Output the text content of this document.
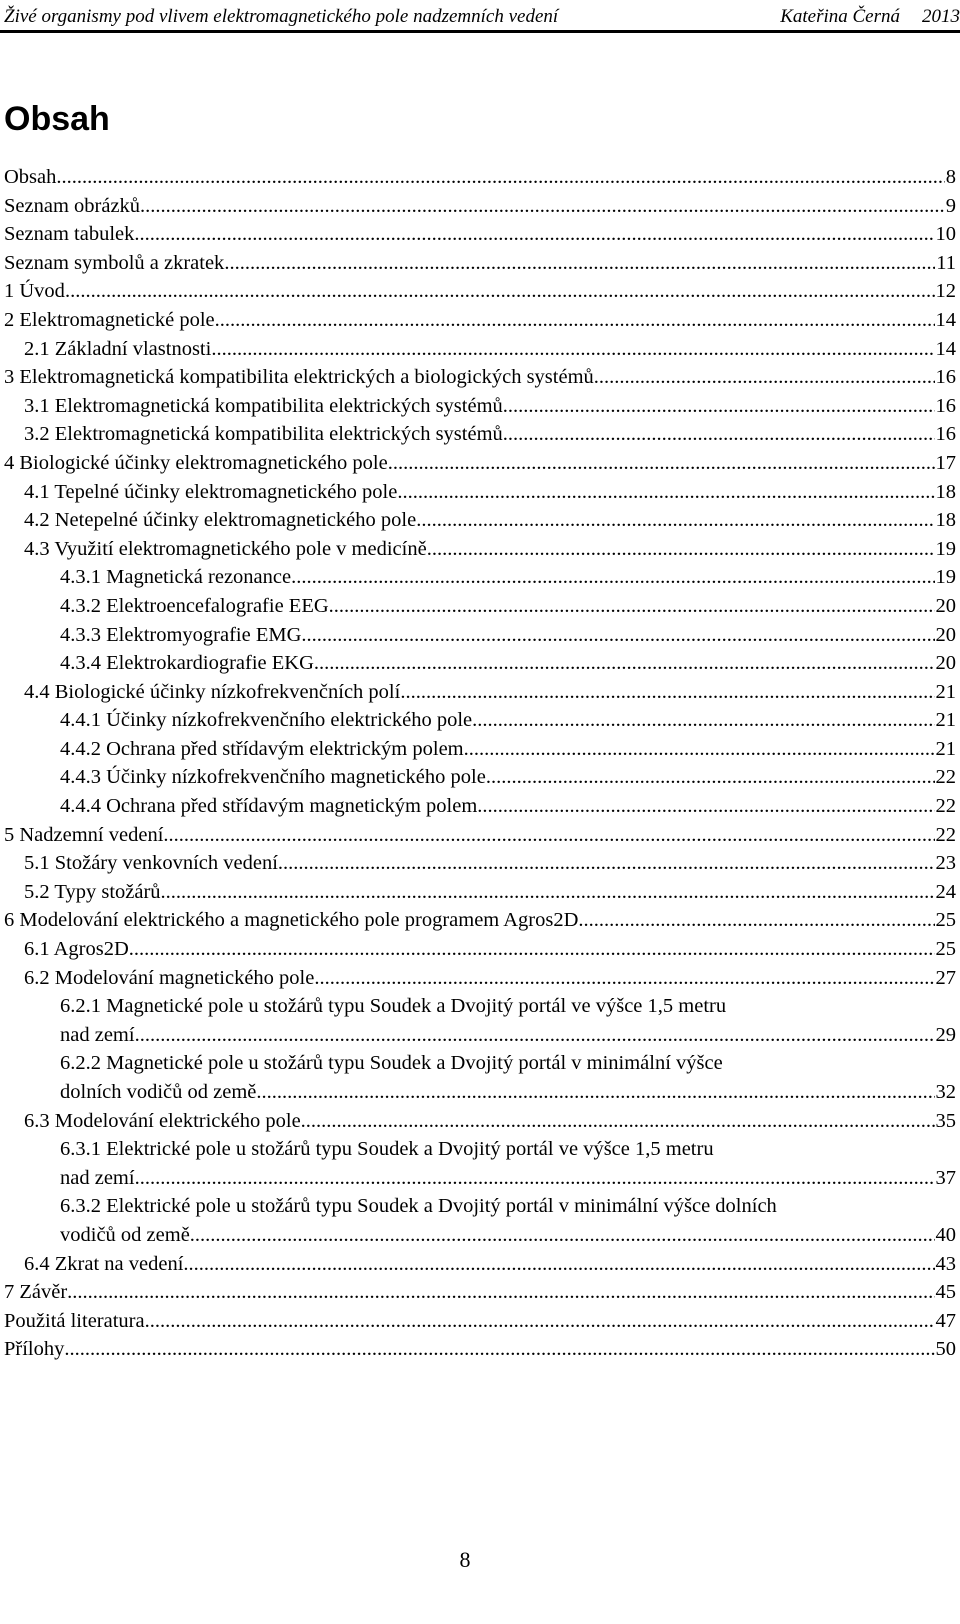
Živé organismy pod vlivem elektromagnetického pole nadzemních vedení	Kateřina Černá 2013
Obsah
Obsah .....	8
Seznam obrázků .....	9
Seznam tabulek .....	10
Seznam symbolů a zkratek .....	11
1 Úvod .....	12
2 Elektromagnetické pole .....	14
2.1 Základní vlastnosti .....	14
3 Elektromagnetická kompatibilita elektrických a biologických systémů .....	16
3.1 Elektromagnetická kompatibilita elektrických systémů .....	16
3.2 Elektromagnetická kompatibilita elektrických systémů .....	16
4 Biologické účinky elektromagnetického pole .....	17
4.1 Tepelné účinky elektromagnetického pole .....	18
4.2 Netepelné účinky elektromagnetického pole .....	18
4.3 Využití elektromagnetického pole v medicíně .....	19
4.3.1 Magnetická rezonance .....	19
4.3.2 Elektroencefalografie EEG .....	20
4.3.3 Elektromyografie EMG .....	20
4.3.4 Elektrokardiografie EKG .....	20
4.4 Biologické účinky nízkofrekvenčních polí .....	21
4.4.1 Účinky nízkofrekvenčního elektrického pole .....	21
4.4.2 Ochrana před střídavým elektrickým polem .....	21
4.4.3 Účinky nízkofrekvenčního magnetického pole .....	22
4.4.4 Ochrana před střídavým magnetickým polem .....	22
5 Nadzemní vedení .....	22
5.1 Stožáry venkovních vedení .....	23
5.2 Typy stožárů .....	24
6 Modelování elektrického a magnetického pole programem Agros2D .....	25
6.1 Agros2D .....	25
6.2 Modelování magnetického pole .....	27
6.2.1 Magnetické pole u stožárů typu Soudek a Dvojitý portál ve výšce 1,5 metru
nad zemí .....	29
6.2.2 Magnetické pole u stožárů typu Soudek a Dvojitý portál v minimální výšce
dolních vodičů od země .....	32
6.3 Modelování elektrického pole .....	35
6.3.1 Elektrické pole u stožárů typu Soudek a Dvojitý portál ve výšce 1,5 metru
nad zemí .....	37
6.3.2 Elektrické pole u stožárů typu Soudek a Dvojitý portál v minimální výšce dolních
vodičů od země .....	40
6.4 Zkrat na vedení .....	43
7 Závěr .....	45
Použitá literatura .....	47
Přílohy .....	50
8
